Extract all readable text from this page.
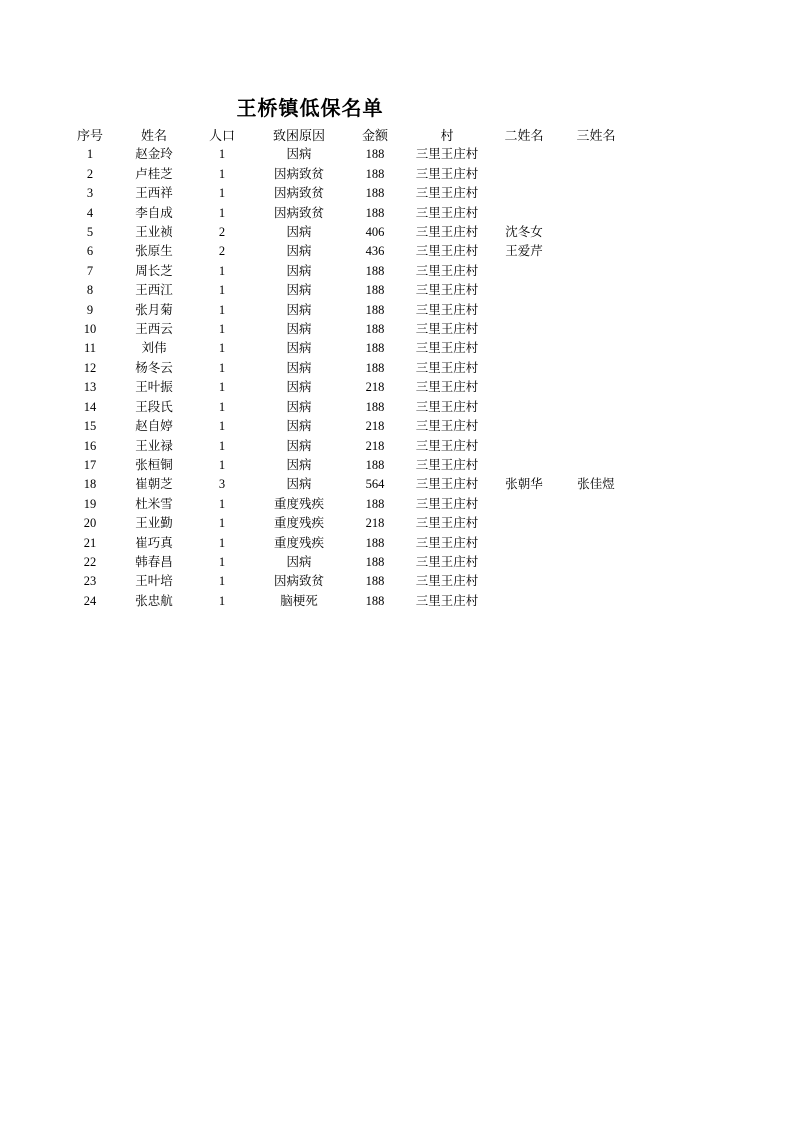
王桥镇低保名单
序号	姓名	人口	致困原因	金额	村	二姓名	三姓名
1	赵金玲	1	因病	188	三里王庄村		
2	卢桂芝	1	因病致贫	188	三里王庄村		
3	王西祥	1	因病致贫	188	三里王庄村		
4	李自成	1	因病致贫	188	三里王庄村		
5	王业祯	2	因病	406	三里王庄村	沈冬女	
6	张原生	2	因病	436	三里王庄村	王爱芹	
7	周长芝	1	因病	188	三里王庄村		
8	王西江	1	因病	188	三里王庄村		
9	张月菊	1	因病	188	三里王庄村		
10	王西云	1	因病	188	三里王庄村		
11	刘伟	1	因病	188	三里王庄村		
12	杨冬云	1	因病	188	三里王庄村		
13	王叶振	1	因病	218	三里王庄村		
14	王段氏	1	因病	188	三里王庄村		
15	赵自婷	1	因病	218	三里王庄村		
16	王业禄	1	因病	218	三里王庄村		
17	张桓铜	1	因病	188	三里王庄村		
18	崔朝芝	3	因病	564	三里王庄村	张朝华	张佳煜
19	杜米雪	1	重度残疾	188	三里王庄村		
20	王业勤	1	重度残疾	218	三里王庄村		
21	崔巧真	1	重度残疾	188	三里王庄村		
22	韩春昌	1	因病	188	三里王庄村		
23	王叶培	1	因病致贫	188	三里王庄村		
24	张忠航	1	脑梗死	188	三里王庄村		
